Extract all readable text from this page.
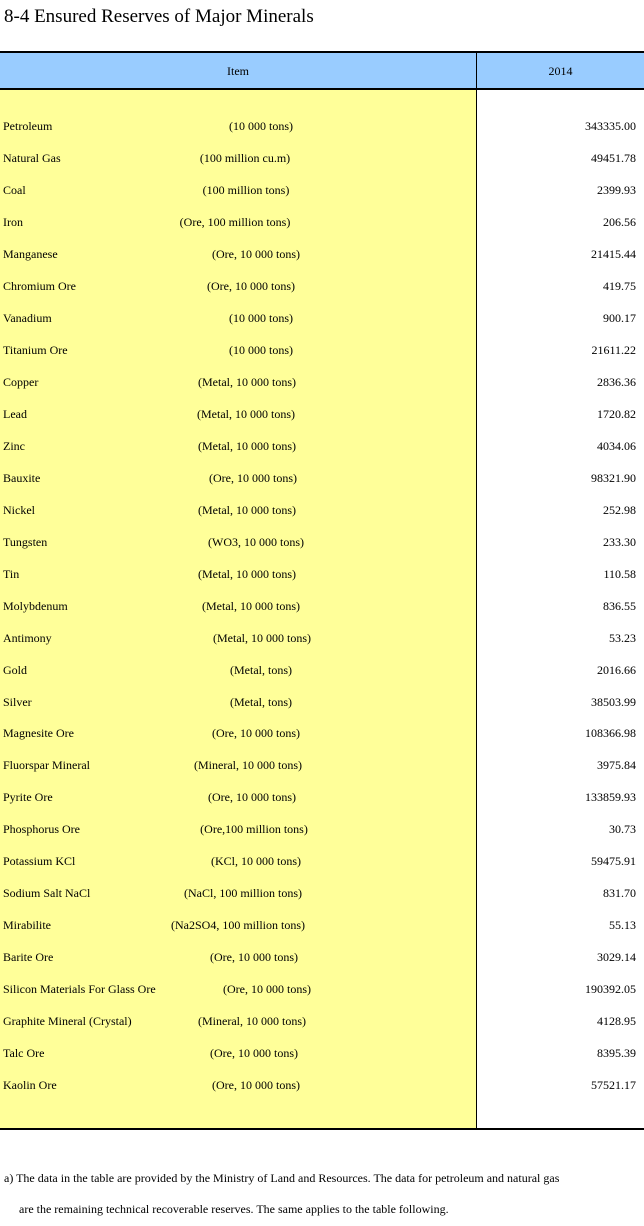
8-4 Ensured Reserves of Major Minerals
Item	2014
Petroleum	(10 000 tons)	343335.00
Natural Gas	(100 million cu.m)	49451.78
Coal	(100 million tons)	2399.93
Iron	(Ore, 100 million tons)	206.56
Manganese	(Ore, 10 000 tons)	21415.44
Chromium Ore	(Ore, 10 000 tons)	419.75
Vanadium	(10 000 tons)	900.17
Titanium Ore	(10 000 tons)	21611.22
Copper	(Metal, 10 000 tons)	2836.36
Lead	(Metal, 10 000 tons)	1720.82
Zinc	(Metal, 10 000 tons)	4034.06
Bauxite	(Ore, 10 000 tons)	98321.90
Nickel	(Metal, 10 000 tons)	252.98
Tungsten	(WO3, 10 000 tons)	233.30
Tin	(Metal, 10 000 tons)	110.58
Molybdenum	(Metal, 10 000 tons)	836.55
Antimony	(Metal, 10 000 tons)	53.23
Gold	(Metal, tons)	2016.66
Silver	(Metal, tons)	38503.99
Magnesite Ore	(Ore, 10 000 tons)	108366.98
Fluorspar Mineral	(Mineral, 10 000 tons)	3975.84
Pyrite Ore	(Ore, 10 000 tons)	133859.93
Phosphorus Ore	(Ore,100 million tons)	30.73
Potassium KCl	(KCl, 10 000 tons)	59475.91
Sodium Salt NaCl	(NaCl, 100 million tons)	831.70
Mirabilite	(Na2SO4, 100 million tons)	55.13
Barite Ore	(Ore, 10 000 tons)	3029.14
Silicon Materials For Glass Ore	(Ore, 10 000 tons)	190392.05
Graphite Mineral (Crystal)	(Mineral, 10 000 tons)	4128.95
Talc Ore	(Ore, 10 000 tons)	8395.39
Kaolin Ore	(Ore, 10 000 tons)	57521.17
a) The data in the table are provided by the Ministry of Land and Resources. The data for petroleum and natural gas
are the remaining technical recoverable reserves. The same applies to the table following.
